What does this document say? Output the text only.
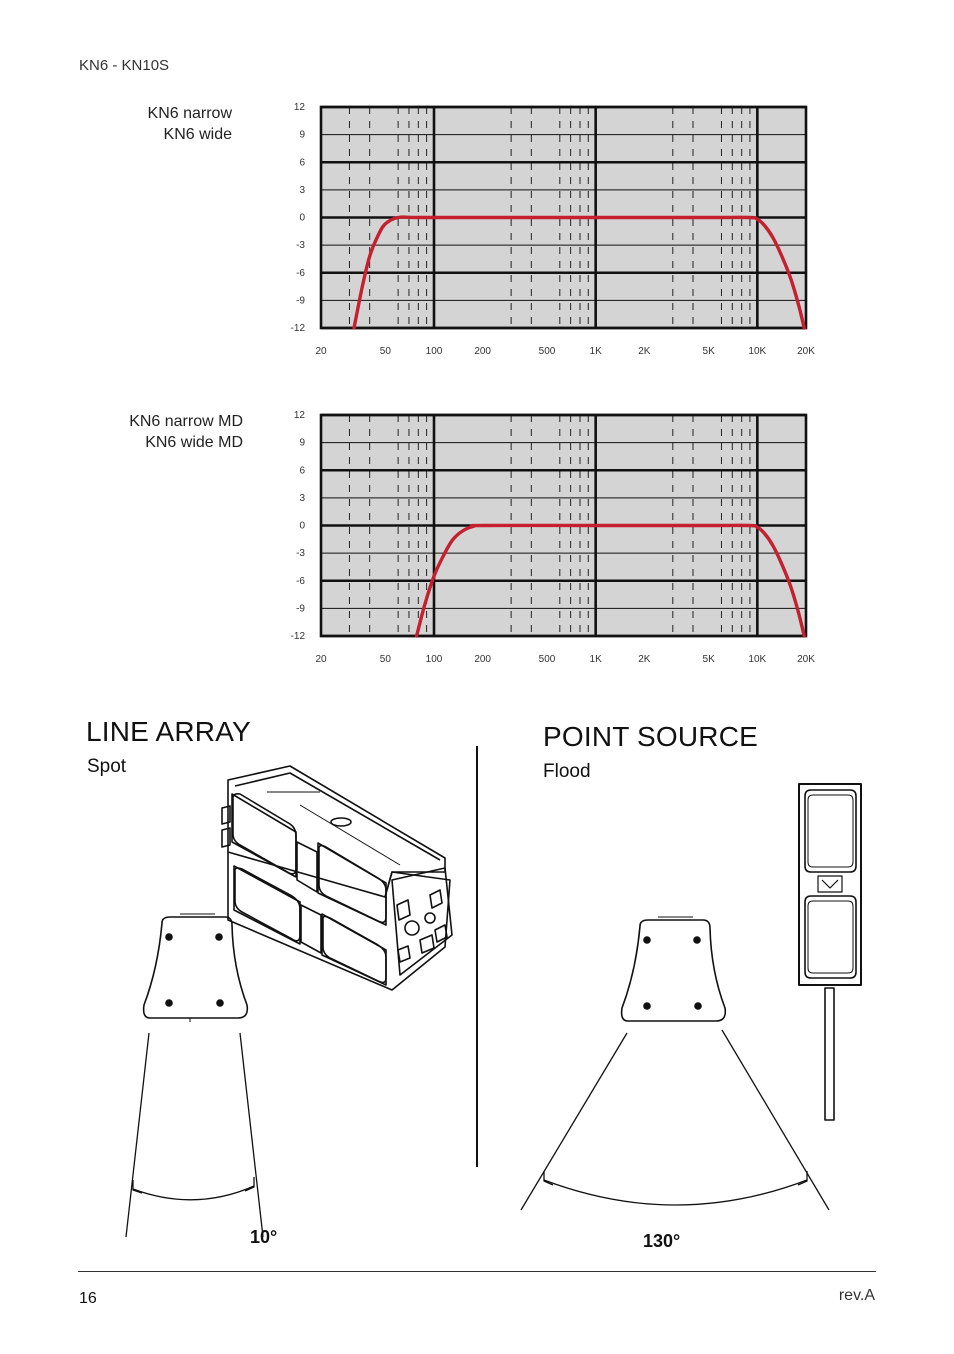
KN6 - KN10S
KN6 narrow
KN6 wide
KN6 narrow MD
KN6 wide MD
12
9
6
3
0
-3
-6
-9
-12
20	50	100	200	500	1K	2K	5K	10K	20K
12
9
6
3
0
-3
-6
-9
-12
20	50	100	200	500	1K	2K	5K	10K	20K
LINE ARRAY
Spot
POINT SOURCE
Flood
10°	130°
16	rev.A
